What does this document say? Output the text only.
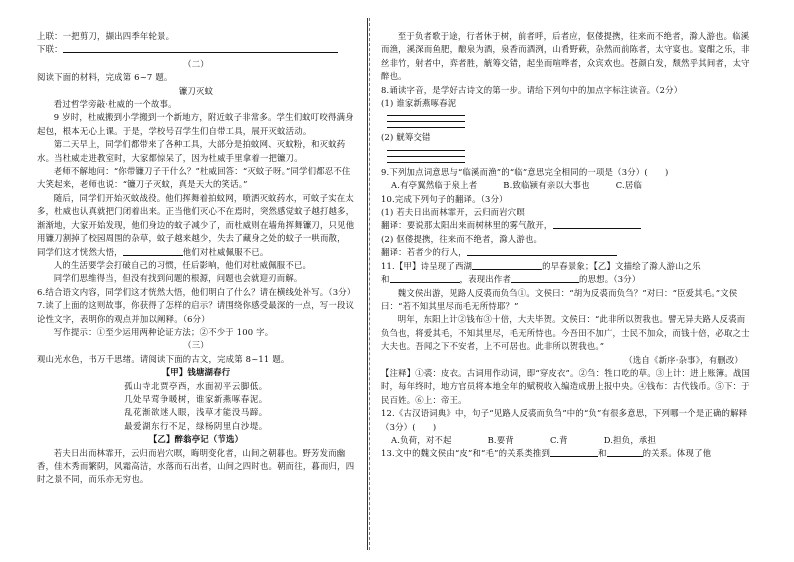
上联：一把剪刀，撷出四季年轮景。

下联：

（二）

阅读下面的材料，完成第 6~7 题。

镰刀灭蚊

看过哲学旁敲·杜威的一个故事。

9 岁时，杜威搬到小学搬到一个新地方，附近蚊子非常多。学生们蚊叮咬得满身起包，根本无心上课。于是，学校号召学生们自带工具，展开灭蚊活动。

第二天早上，同学们都带来了各种工具，大部分是拍蚊网、灭蚊粉，和灭蚊药水。当杜威走进教室时，大家都惊呆了，因为杜威手里拿着一把镰刀。

老师不解地问：“你带镰刀子干什么？”杜威回答：“灭蚊子呀。”同学们都忍不住大笑起来，老师也说：“镰刀子灭蚊，真是天大的笑话。”

随后，同学们开始灭蚊战役。他们挥舞着拍蚊网，喷洒灭蚊药水，可蚊子实在太多，杜威也认真就把门闭着出来。正当他们灭心不在焉时，突然感觉蚊子越打越多，渐渐地，大家开始发现，他们身边的蚊子减少了，而杜威则在墙角挥舞镰刀，只见他用镰刀割掉了校园周围的杂草，蚊子越来越少，失去了藏身之处的蚊子一哄而散，

同学们这才恍然大悟，	他们对杜威佩服不已。

人的生活要学会打破自己的习惯，任后影响，他们对杜威佩服不已。

同学们思维得当，但没有找到问题的根源，问题也会就迎刃而解。

6.结合语文内容，同学们这才恍然大悟，他们明白了什么？请在横线处补写。（3分）

7.读了上面的这则故事，你获得了怎样的启示？请围绕你感受最深的一点，写一段议论性文字，表明你的观点并加以阐释。（6分）

写作提示：①至少运用两种论证方法；②不少于 100 字。

（三）

观山光水色，书万千思绪。请阅读下面的古文，完成第 8~11 题。

【甲】钱塘湖春行

孤山寺北贾亭西，水面初平云脚低。

几处早莺争暖树，谁家新燕啄春泥。

乱花渐欲迷人眼，浅草才能没马蹄。

最爱湖东行不足，绿杨阴里白沙堤。

【乙】醉翁亭记（节选）

若夫日出而林霏开，云归而岩穴暝，晦明变化者，山间之朝暮也。野芳发而幽香，佳木秀而繁阴，风霜高洁，水落而石出者，山间之四时也。朝而往，暮而归，四时之景不同，而乐亦无穷也。

至于负者歌于途，行者休于树，前者呼，后者应，伛偻提携，往来而不绝者，滁人游也。临溪而渔，溪深而鱼肥，酿泉为酒，泉香而酒洌，山肴野蔌，杂然而前陈者，太守宴也。宴酣之乐，非丝非竹，射者中，弈者胜，觥筹交错，起坐而喧哗者，众宾欢也。苍颜白发，颓然乎其间者，太守醉也。

8.诵读字音，是学好古诗文的第一步。请给下列句中的加点字标注读音。（2分）

(1) 谁家新燕啄春泥

(2) 觥筹交错

9.下列加点词意思与“临溪而渔”的“临”意思完全相同的一项是（3分）(　　)

A.有亭翼然临于泉上者	B.致临颍有亲以大事也	C.居临

10.完成下列句子的翻译。（3分）

(1) 若夫日出而林霏开，云归而岩穴暝

翻译：要说那太阳出来而树林里的雾气散开，

(2) 伛偻提携，往来而不绝者，滁人游也。

翻译：若者少的行人，

11.【甲】诗呈现了西湖	的早春景象；【乙】文描绘了滁人游山之乐

和	，表现出作者	的思想。（3分）

魏文侯出游，见路人反裘而负刍①。文侯曰：“胡为反裘而负刍？”对曰：“臣爱其毛。”文侯曰：“若不知其里尽而毛无所恃耶？”

明年，东阳上计②钱布③十倍，大夫毕贺。文侯曰：“此非所以贺我也。譬无异夫路人反裘而负刍也，将爱其毛，不知其里尽，毛无所恃也。今吾田不加广，士民不加众，而钱十倍，必取之士大夫也。吾闻之下不安者，上不可居也。此非所以贺我也。”

（选自《新序·杂事》，有删改）

【注释】①裘：皮衣。古词用作动词，即“穿皮衣”。②刍：牲口吃的草。③上计：进上账簿。战国时，每年终时，地方官员将本地全年的赋税收入编造成册上报中央。④钱布：古代钱币。⑤下：于民百姓。⑥上：帝王。

12.《古汉语词典》中，句子“见路人反裘而负刍”中的“负”有很多意思，下列哪一个是正确的解释（3分）(　　)

A.负荷，对不起	B.要背	C.背	D.担负，承担

13.文中的魏文侯由“皮”和“毛”的关系类推到	和	的关系。体现了他
